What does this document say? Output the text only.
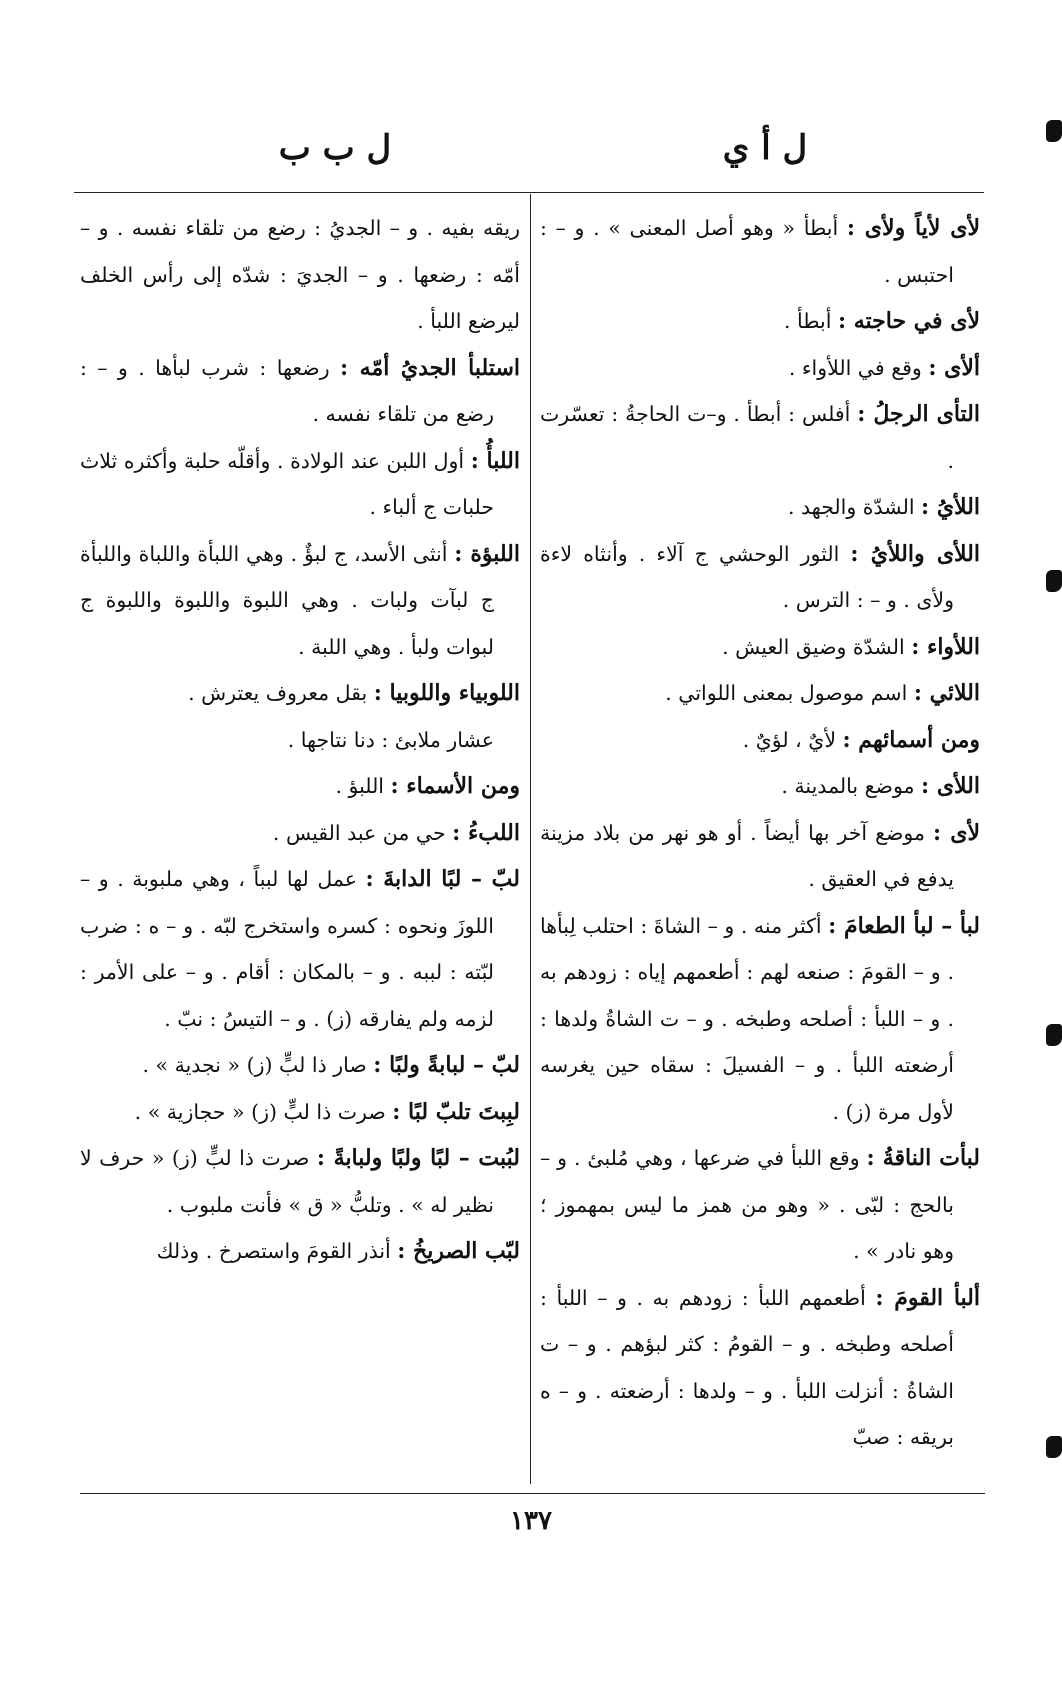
ل أ ي
ل ب ب

لأى لأياً ولأى : أبطأ « وهو أصل المعنى » . و – : احتبس .

لأى في حاجته : أبطأ .

ألأى : وقع في اللأواء .

التأى الرجلُ : أفلس : أبطأ . و–ت الحاجةُ : تعسّرت .

اللأيُ : الشدّة والجهد .

اللأى واللأيُ : الثور الوحشي ج آلاء . وأنثاه لاءة ولأى . و – : الترس .

اللأواء : الشدّة وضيق العيش .

اللائي : اسم موصول بمعنى اللواتي .

ومن أسمائهم : لأيٌ ، لؤيٌ .

اللأى : موضع بالمدينة .

لأى : موضع آخر بها أيضاً . أو هو نهر من بلاد مزينة يدفع في العقيق .

لبأ – لبأ الطعامَ : أكثر منه . و – الشاةَ : احتلب لِبأها . و – القومَ : صنعه لهم : أطعمهم إياه : زودهم به . و – اللبأ : أصلحه وطبخه . و – ت الشاةُ ولدها : أرضعته اللبأ . و – الفسيلَ : سقاه حين يغرسه لأول مرة (ز) .

لبأت الناقةُ : وقع اللبأ في ضرعها ، وهي مُلبئ . و – بالحج : لبّى . « وهو من همز ما ليس بمهموز ؛ وهو نادر » .

ألبأ القومَ : أطعمهم اللبأ : زودهم به . و – اللبأ : أصلحه وطبخه . و – القومُ : كثر لبؤهم . و – ت الشاةُ : أنزلت اللبأ . و – ولدها : أرضعته . و – ه بريقه : صبّ

ريقه بفيه . و – الجديُ : رضع من تلقاء نفسه . و – أمّه : رضعها . و – الجديَ : شدّه إلى رأس الخلف ليرضع اللبأ .

استلبأ الجديُ أمّه : رضعها : شرب لبأها . و – : رضع من تلقاء نفسه .

اللبأُ : أول اللبن عند الولادة . وأقلّه حلبة وأكثره ثلاث حلبات ج ألباء .

اللبؤة : أنثى الأسد، ج لبؤٌ . وهي اللبأة واللباة واللبأة ج لبآت ولبات . وهي اللبوة واللبوة واللبوة ج لبوات ولبأ . وهي اللبة .

اللوبياء واللوبيا : بقل معروف يعترش .

عشار ملابئ : دنا نتاجها .

ومن الأسماء : اللبؤ .

اللبءُ : حي من عبد القيس .

لبّ – لبًا الدابةَ : عمل لها لبباً ، وهي ملبوبة . و – اللوزَ ونحوه : كسره واستخرج لبّه . و – ه : ضرب لبّته : لببه . و – بالمكان : أقام . و – على الأمر : لزمه ولم يفارقه (ز) . و – التيسُ : نبّ .

لبّ – لبابةً ولبًا : صار ذا لبٍّ (ز) « نجدية » .

لبِبتَ تلبّ لبًا : صرت ذا لبٍّ (ز) « حجازية » .

لبُبت – لبًا ولبًا ولبابةً : صرت ذا لبٍّ (ز) « حرف لا نظير له » . وتلبُّ « ق » فأنت ملبوب .

لبّب الصريخُ : أنذر القومَ واستصرخ . وذلك

١٣٧
